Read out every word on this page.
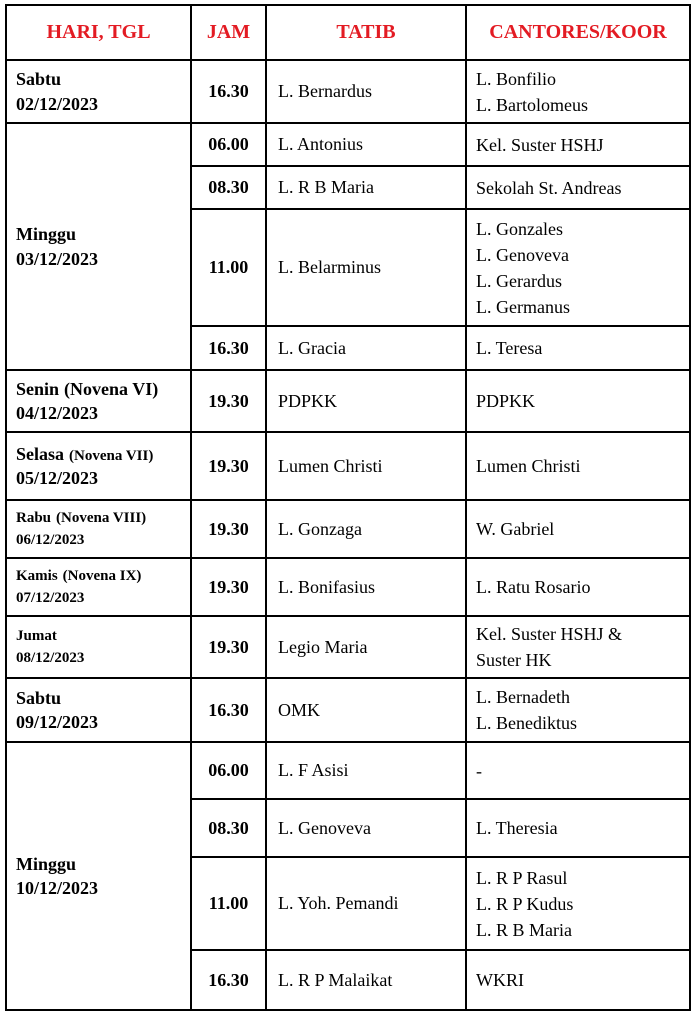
HARI, TGL	JAM	TATIB	CANTORES/KOOR

Sabtu
02/12/2023
	16.30	L. Bernardus	
L. Bonfilio
L. Bartolomeus

Minggu
03/12/2023	06.00	L. Antonius	Kel. Suster HSHJ

	08.30	L. R B Maria	Sekolah St. Andreas

	11.00	L. Belarminus	L. Gonzales
L. Genoveva
L. Gerardus
L. Germanus

	16.30	L. Gracia	L. Teresa

Senin (Novena VI)
04/12/2023	19.30	PDPKK	PDPKK

Selasa (Novena VII)
05/12/2023	19.30	Lumen Christi	Lumen Christi

Rabu (Novena VIII)
06/12/2023	19.30	L. Gonzaga	W. Gabriel

Kamis (Novena IX)
07/12/2023	19.30	L. Bonifasius	L. Ratu Rosario

Jumat
08/12/2023
	19.30	Legio Maria	
Kel. Suster HSHJ &
Suster HK

Sabtu
09/12/2023
	16.30	OMK	
L. Bernadeth
L. Benediktus

Minggu
10/12/2023	06.00	L. F Asisi	-

	08.30	L. Genoveva	L. Theresia

	11.00	L. Yoh. Pemandi	L. R P Rasul
L. R P Kudus
L. R B Maria

	16.30	L. R P Malaikat	WKRI
